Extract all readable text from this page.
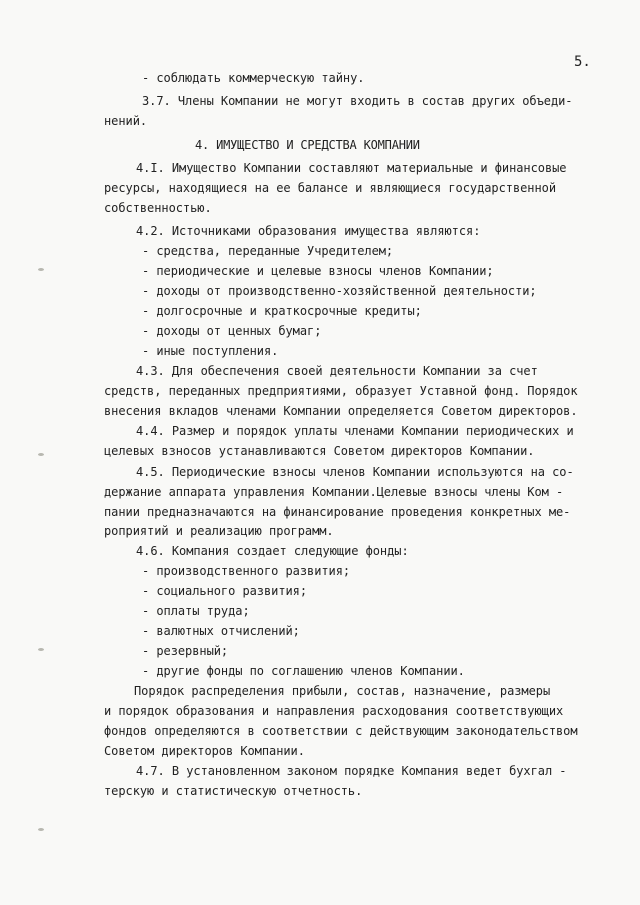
5.
- соблюдать коммерческую тайну.
3.7. Члены Компании не могут входить в состав других объеди-
нений.
4. ИМУЩЕСТВО И СРЕДСТВА КОМПАНИИ
4.I. Имущество Компании составляют материальные и финансовые
ресурсы, находящиеся на ее балансе и являющиеся государственной
собственностью.
4.2. Источниками образования имущества являются:
- средства, переданные Учредителем;
- периодические и целевые взносы членов Компании;
- доходы от производственно-хозяйственной деятельности;
- долгосрочные и краткосрочные кредиты;
- доходы от ценных бумаг;
- иные поступления.
4.3. Для обеспечения своей деятельности Компании за счет
средств, переданных предприятиями, образует Уставной фонд. Порядок
внесения вкладов членами Компании определяется Советом директоров.
4.4. Размер и порядок уплаты членами Компании периодических и
целевых взносов устанавливаются Советом директоров Компании.
4.5. Периодические взносы членов Компании используются на со-
держание аппарата управления Компании.Целевые взносы члены Ком -
пании предназначаются на финансирование проведения конкретных ме-
роприятий и реализацию программ.
4.6. Компания создает следующие фонды:
- производственного развития;
- социального развития;
- оплаты труда;
- валютных отчислений;
- резервный;
- другие фонды по соглашению членов Компании.
Порядок распределения прибыли, состав, назначение, размеры
и порядок образования и направления расходования соответствующих
фондов определяются в соответствии с действующим законодательством
Советом директоров Компании.
4.7. В установленном законом порядке Компания ведет бухгал -
терскую и статистическую отчетность.
